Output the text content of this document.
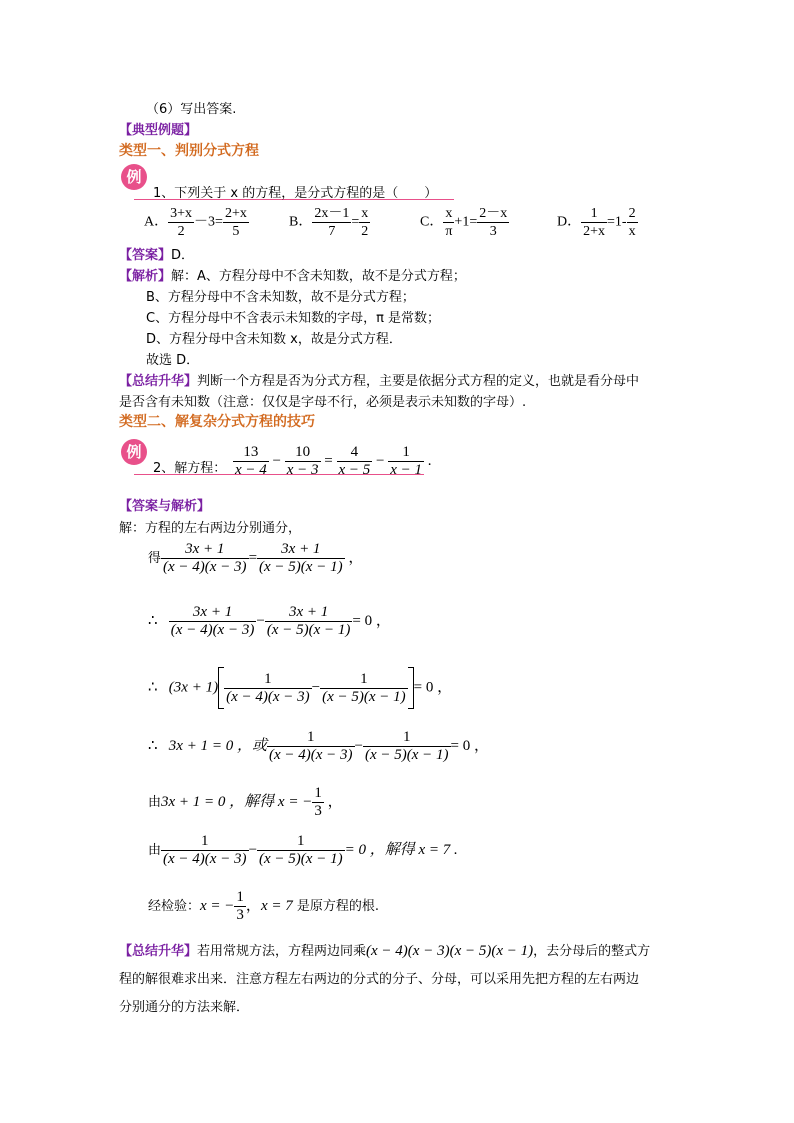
（6）写出答案.
【典型例题】
类型一、判别分式方程
例
1、下列关于 x 的方程，是分式方程的是（　　）
A． $\frac{3+x}{2} -3= \frac{2+x}{5}$	B． $\frac{2x-1}{7} = \frac{x}{2}$	C． $\frac{x}{\pi} +1= \frac{2-x}{3}$	D． $\frac{1}{2+x} =1- \frac{2}{x}$
【答案】D．
【解析】解：A、方程分母中不含未知数，故不是分式方程；
B、方程分母中不含未知数，故不是分式方程；
C、方程分母中不含表示未知数的字母，π 是常数；
D、方程分母中含未知数 x，故是分式方程．
故选 D．
【总结升华】判断一个方程是否为分式方程，主要是依据分式方程的定义，也就是看分母中
是否含有未知数（注意：仅仅是字母不行，必须是表示未知数的字母）.
类型二、解复杂分式方程的技巧
例
2、解方程： $\frac{13}{x - 4} - \frac{10}{x - 3} = \frac{4}{x - 5} - \frac{1}{x - 1}$ .
【答案与解析】
解：方程的左右两边分别通分，
得 $\frac{3x + 1}{(x - 4)(x - 3)} = \frac{3x + 1}{(x - 5)(x - 1)}$ ，
∴ $\frac{3x + 1}{(x - 4)(x - 3)} - \frac{3x + 1}{(x - 5)(x - 1)} = 0$ ，
∴ $(3x + 1) \frac{1}{(x - 4)(x - 3)} - \frac{1}{(x - 5)(x - 1)} = 0$ ，
∴ 3x + 1 = 0 ，或 $\frac{1}{(x - 4)(x - 3)} - \frac{1}{(x - 5)(x - 1)} = 0$ ，
由3x + 1 = 0 ，解得 x = − $\frac{1}{3}$ ，
由 $\frac{1}{(x - 4)(x - 3)} - \frac{1}{(x - 5)(x - 1)} = 0$ ，解得 x = 7 .
经检验：x = − $\frac{1}{3}$ ，x = 7 是原方程的根.
【总结升华】若用常规方法，方程两边同乘(x − 4)(x − 3)(x − 5)(x − 1)，去分母后的整式方
程的解很难求出来．注意方程左右两边的分式的分子、分母，可以采用先把方程的左右两边
分别通分的方法来解．
